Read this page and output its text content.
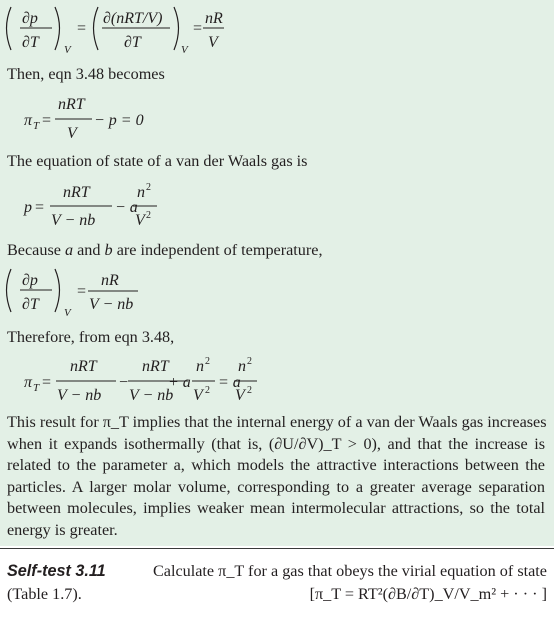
∂p
∂T V
=
∂(nRT/V)
∂T	V
=
nR
V
Then, eqn 3.48 becomes
π T =
nRT
V
− p = 0
The equation of state of a van der Waals gas is
p =
nRT
V − nb
− a
n 2
V 2
Because a and b are independent of temperature,
∂p
∂T V
=
nR
V − nb
Therefore, from eqn 3.48,
π T =
nRT
V − nb
−
nRT
V − nb
+ a
n 2
V 2 = a
n 2
V 2
This result for π_T implies that the internal energy of a van der Waals gas increases
when it expands isothermally (that is, (∂U/∂V)_T > 0), and that the increase is
related to the parameter a, which models the attractive interactions between the
particles. A larger molar volume, corresponding to a greater average separation
between molecules, implies weaker mean intermolecular attractions, so the total
energy is greater.
Self-test 3.11	Calculate π_T for a gas that obeys the virial equation of state
(Table 1.7).	[π_T = RT²(∂B/∂T)_V/V_m² + · · · ]
